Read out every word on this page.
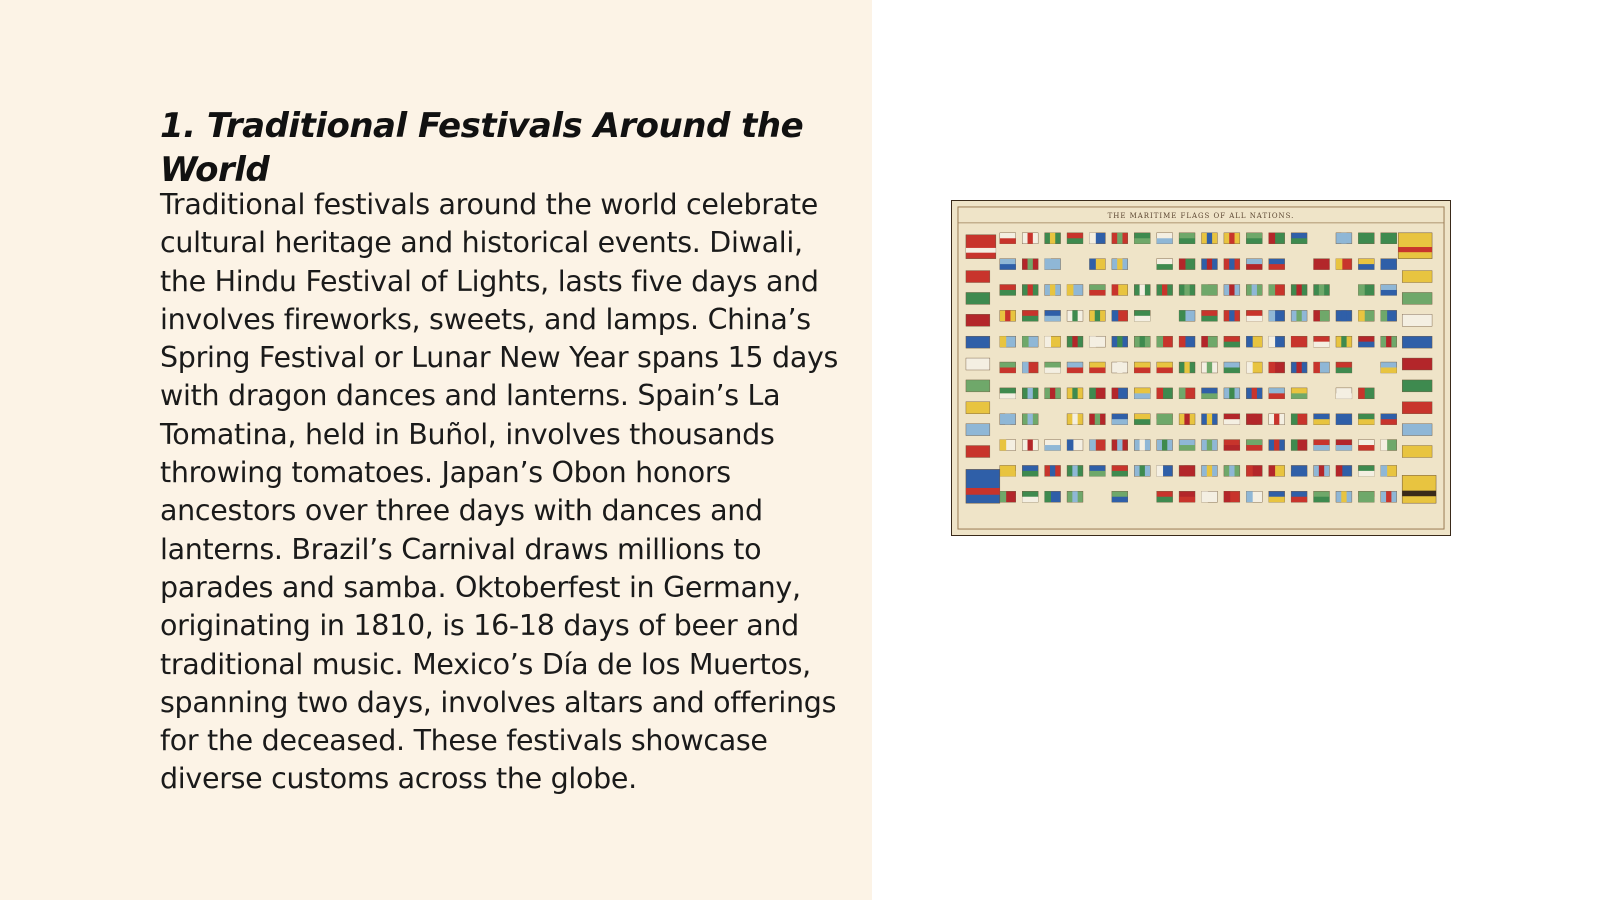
1. Traditional Festivals Around the World

Traditional festivals around the world celebrate cultural heritage and historical events. Diwali, the Hindu Festival of Lights, lasts five days and involves fireworks, sweets, and lamps. China’s Spring Festival or Lunar New Year spans 15 days with dragon dances and lanterns. Spain’s La Tomatina, held in Buñol, involves thousands throwing tomatoes. Japan’s Obon honors ancestors over three days with dances and lanterns. Brazil’s Carnival draws millions to parades and samba. Oktoberfest in Germany, originating in 1810, is 16-18 days of beer and traditional music. Mexico’s Día de los Muertos, spanning two days, involves altars and offerings for the deceased. These festivals showcase diverse customs across the globe.

THE MARITIME FLAGS OF ALL NATIONS.
